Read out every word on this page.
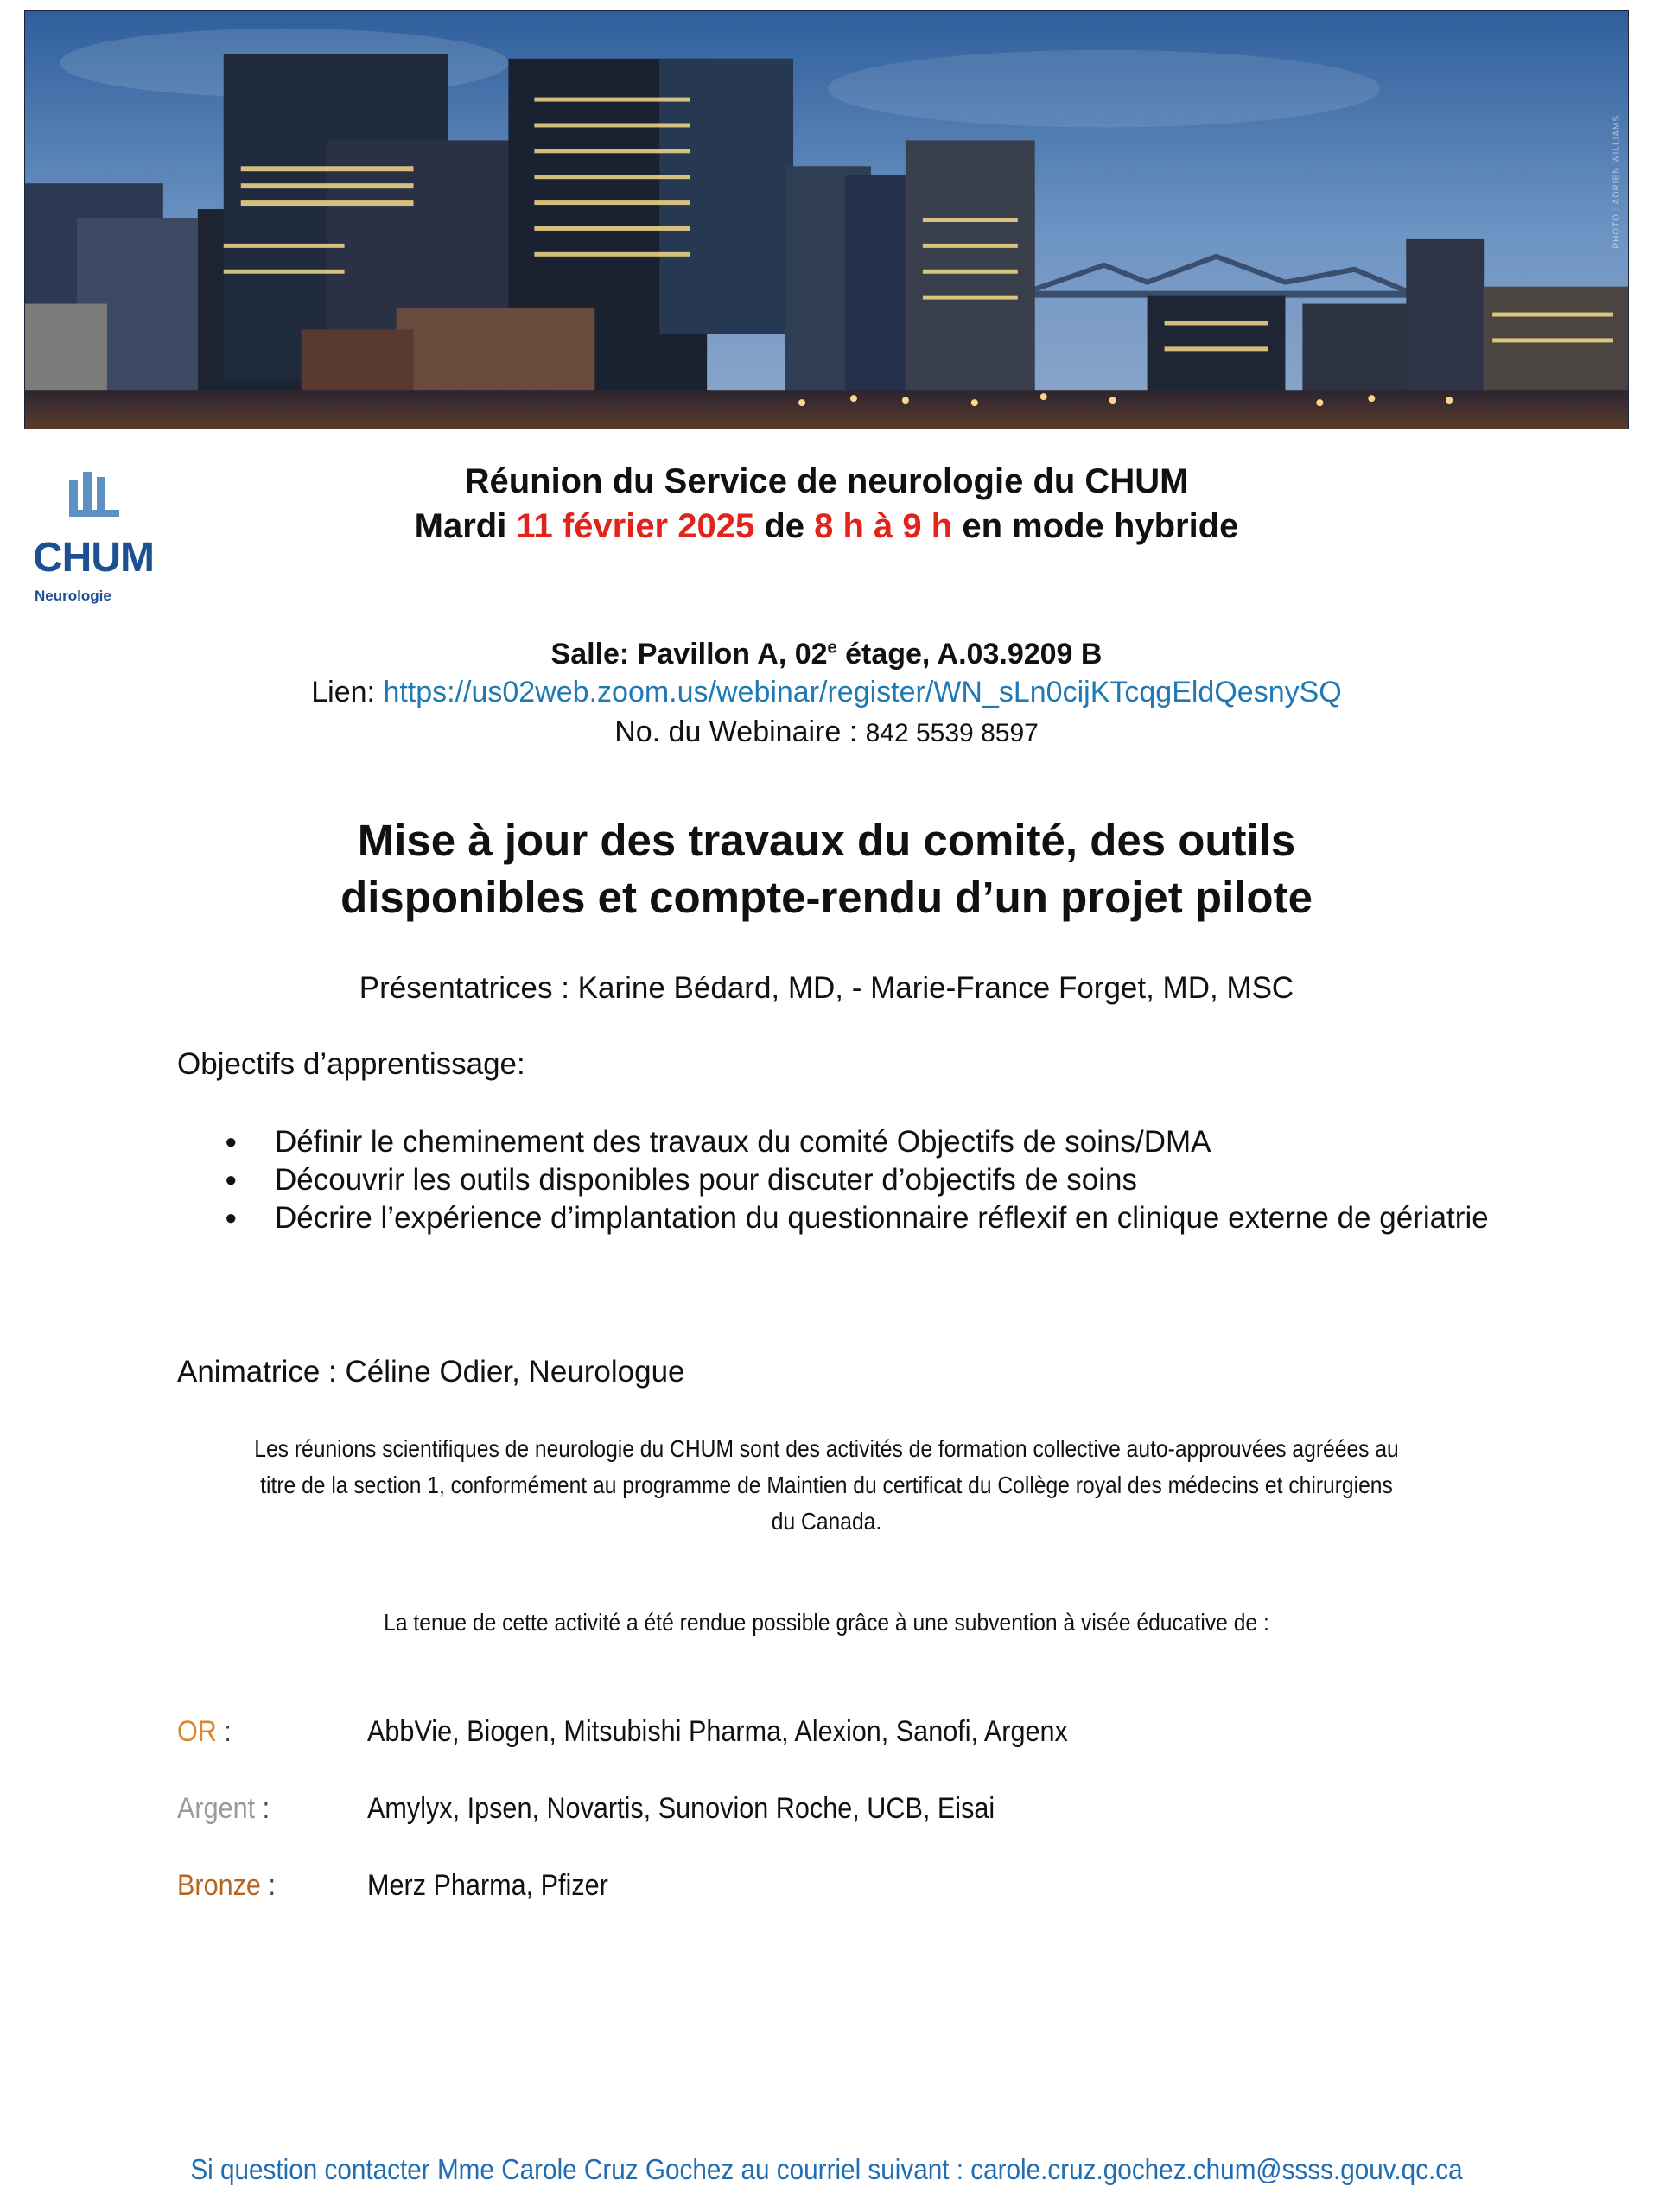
PHOTO : ADRIEN WILLIAMS
CHUM
Neurologie
Réunion du Service de neurologie du CHUM
Mardi 11 février 2025 de 8 h à 9 h en mode hybride
Salle: Pavillon A, 02e étage, A.03.9209 B
Lien: https://us02web.zoom.us/webinar/register/WN_sLn0cijKTcqgEldQesnySQ
No. du Webinaire : 842 5539 8597
Mise à jour des travaux du comité, des outils
disponibles et compte-rendu d’un projet pilote
Présentatrices : Karine Bédard, MD, - Marie-France Forget, MD, MSC
Objectifs d’apprentissage:
● Définir le cheminement des travaux du comité Objectifs de soins/DMA
● Découvrir les outils disponibles pour discuter d’objectifs de soins
● Décrire l’expérience d’implantation du questionnaire réflexif en clinique externe de gériatrie
Animatrice : Céline Odier, Neurologue
Les réunions scientifiques de neurologie du CHUM sont des activités de formation collective auto-approuvées agréées au titre de la section 1, conformément au programme de Maintien du certificat du Collège royal des médecins et chirurgiens du Canada.
La tenue de cette activité a été rendue possible grâce à une subvention à visée éducative de :
OR :	AbbVie, Biogen, Mitsubishi Pharma, Alexion, Sanofi, Argenx
Argent :	Amylyx, Ipsen, Novartis, Sunovion Roche, UCB, Eisai
Bronze :	Merz Pharma, Pfizer
Si question contacter Mme Carole Cruz Gochez au courriel suivant : carole.cruz.gochez.chum@ssss.gouv.qc.ca
